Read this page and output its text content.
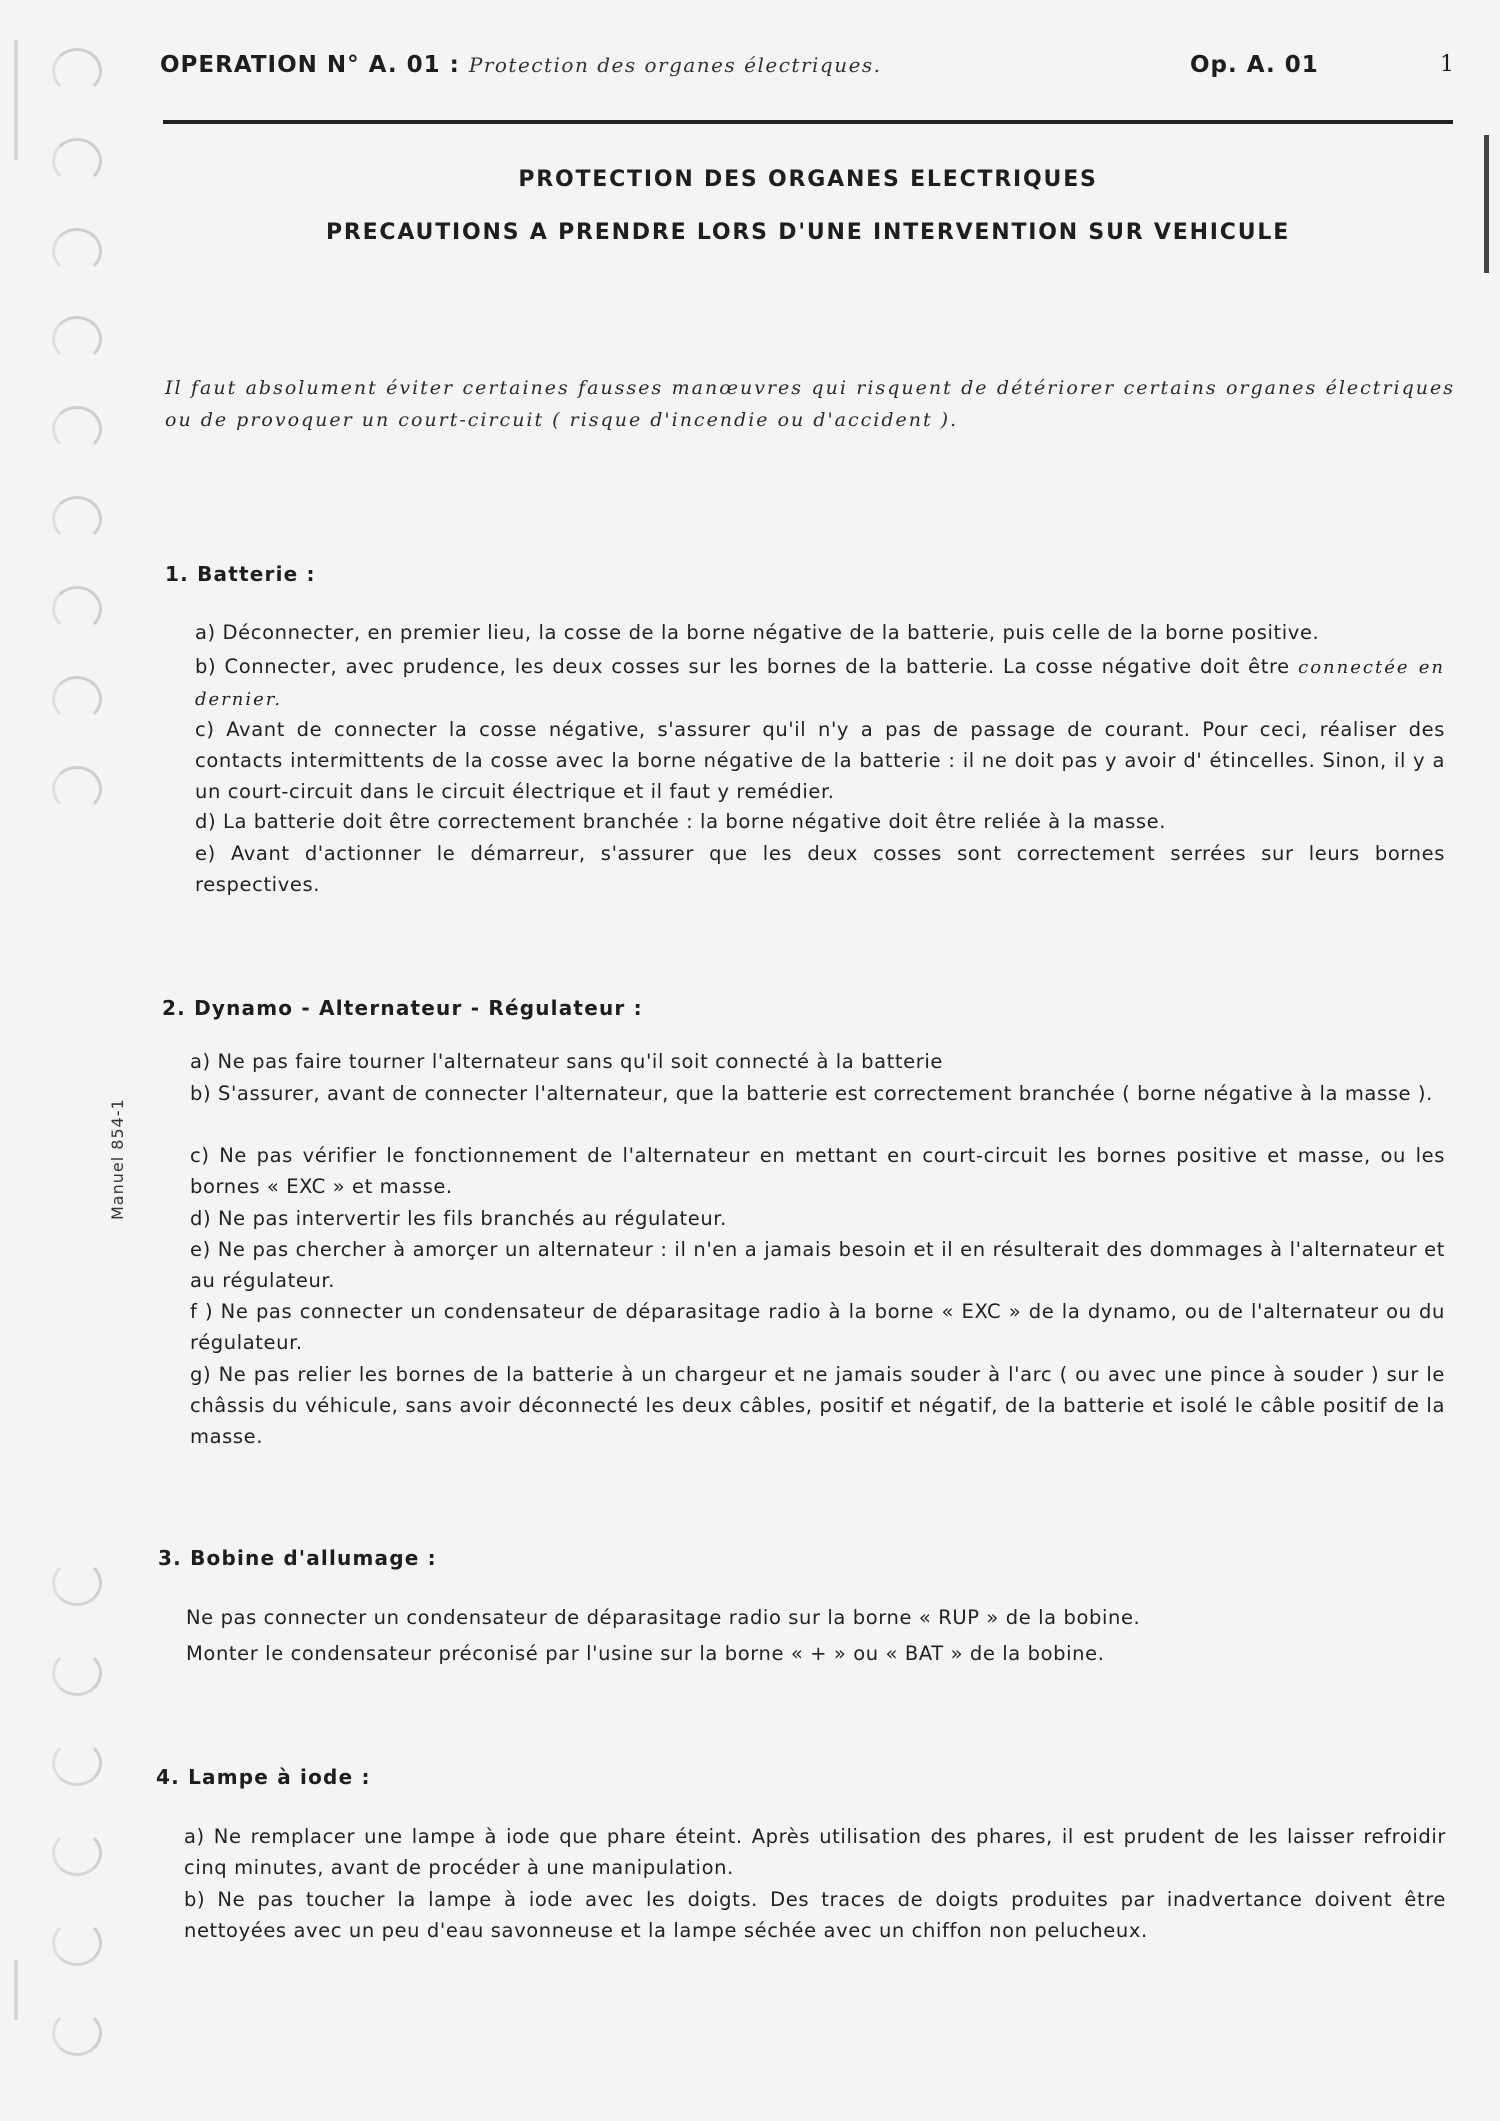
OPERATION N° A. 01 : Protection des organes électriques.	Op. A. 01	1
PROTECTION DES ORGANES ELECTRIQUES
PRECAUTIONS A PRENDRE LORS D'UNE INTERVENTION SUR VEHICULE
Il faut absolument éviter certaines fausses manœuvres qui risquent de détériorer certains organes électriques ou de provoquer un court-circuit ( risque d'incendie ou d'accident ).
Manuel 854-1
1. Batterie :
a) Déconnecter, en premier lieu, la cosse de la borne négative de la batterie, puis celle de la borne positive.
b) Connecter, avec prudence, les deux cosses sur les bornes de la batterie. La cosse négative doit être connectée en dernier.
c) Avant de connecter la cosse négative, s'assurer qu'il n'y a pas de passage de courant. Pour ceci, réaliser des contacts intermittents de la cosse avec la borne négative de la batterie : il ne doit pas y avoir d' étincelles. Sinon, il y a un court-circuit dans le circuit électrique et il faut y remédier.
d) La batterie doit être correctement branchée : la borne négative doit être reliée à la masse.
e) Avant d'actionner le démarreur, s'assurer que les deux cosses sont correctement serrées sur leurs bornes respectives.
2. Dynamo - Alternateur - Régulateur :
a) Ne pas faire tourner l'alternateur sans qu'il soit connecté à la batterie
b) S'assurer, avant de connecter l'alternateur, que la batterie est correctement branchée ( borne négative à la masse ).
c) Ne pas vérifier le fonctionnement de l'alternateur en mettant en court-circuit les bornes positive et masse, ou les bornes « EXC » et masse.
d) Ne pas intervertir les fils branchés au régulateur.
e) Ne pas chercher à amorçer un alternateur : il n'en a jamais besoin et il en résulterait des dommages à l'alternateur et au régulateur.
f ) Ne pas connecter un condensateur de déparasitage radio à la borne « EXC » de la dynamo, ou de l'alternateur ou du régulateur.
g) Ne pas relier les bornes de la batterie à un chargeur et ne jamais souder à l'arc ( ou avec une pince à souder ) sur le châssis du véhicule, sans avoir déconnecté les deux câbles, positif et négatif, de la batterie et isolé le câble positif de la masse.
3. Bobine d'allumage :
Ne pas connecter un condensateur de déparasitage radio sur la borne « RUP » de la bobine.
Monter le condensateur préconisé par l'usine sur la borne « + » ou « BAT » de la bobine.
4. Lampe à iode :
a) Ne remplacer une lampe à iode que phare éteint. Après utilisation des phares, il est prudent de les laisser refroidir cinq minutes, avant de procéder à une manipulation.
b) Ne pas toucher la lampe à iode avec les doigts. Des traces de doigts produites par inadvertance doivent être nettoyées avec un peu d'eau savonneuse et la lampe séchée avec un chiffon non pelucheux.
